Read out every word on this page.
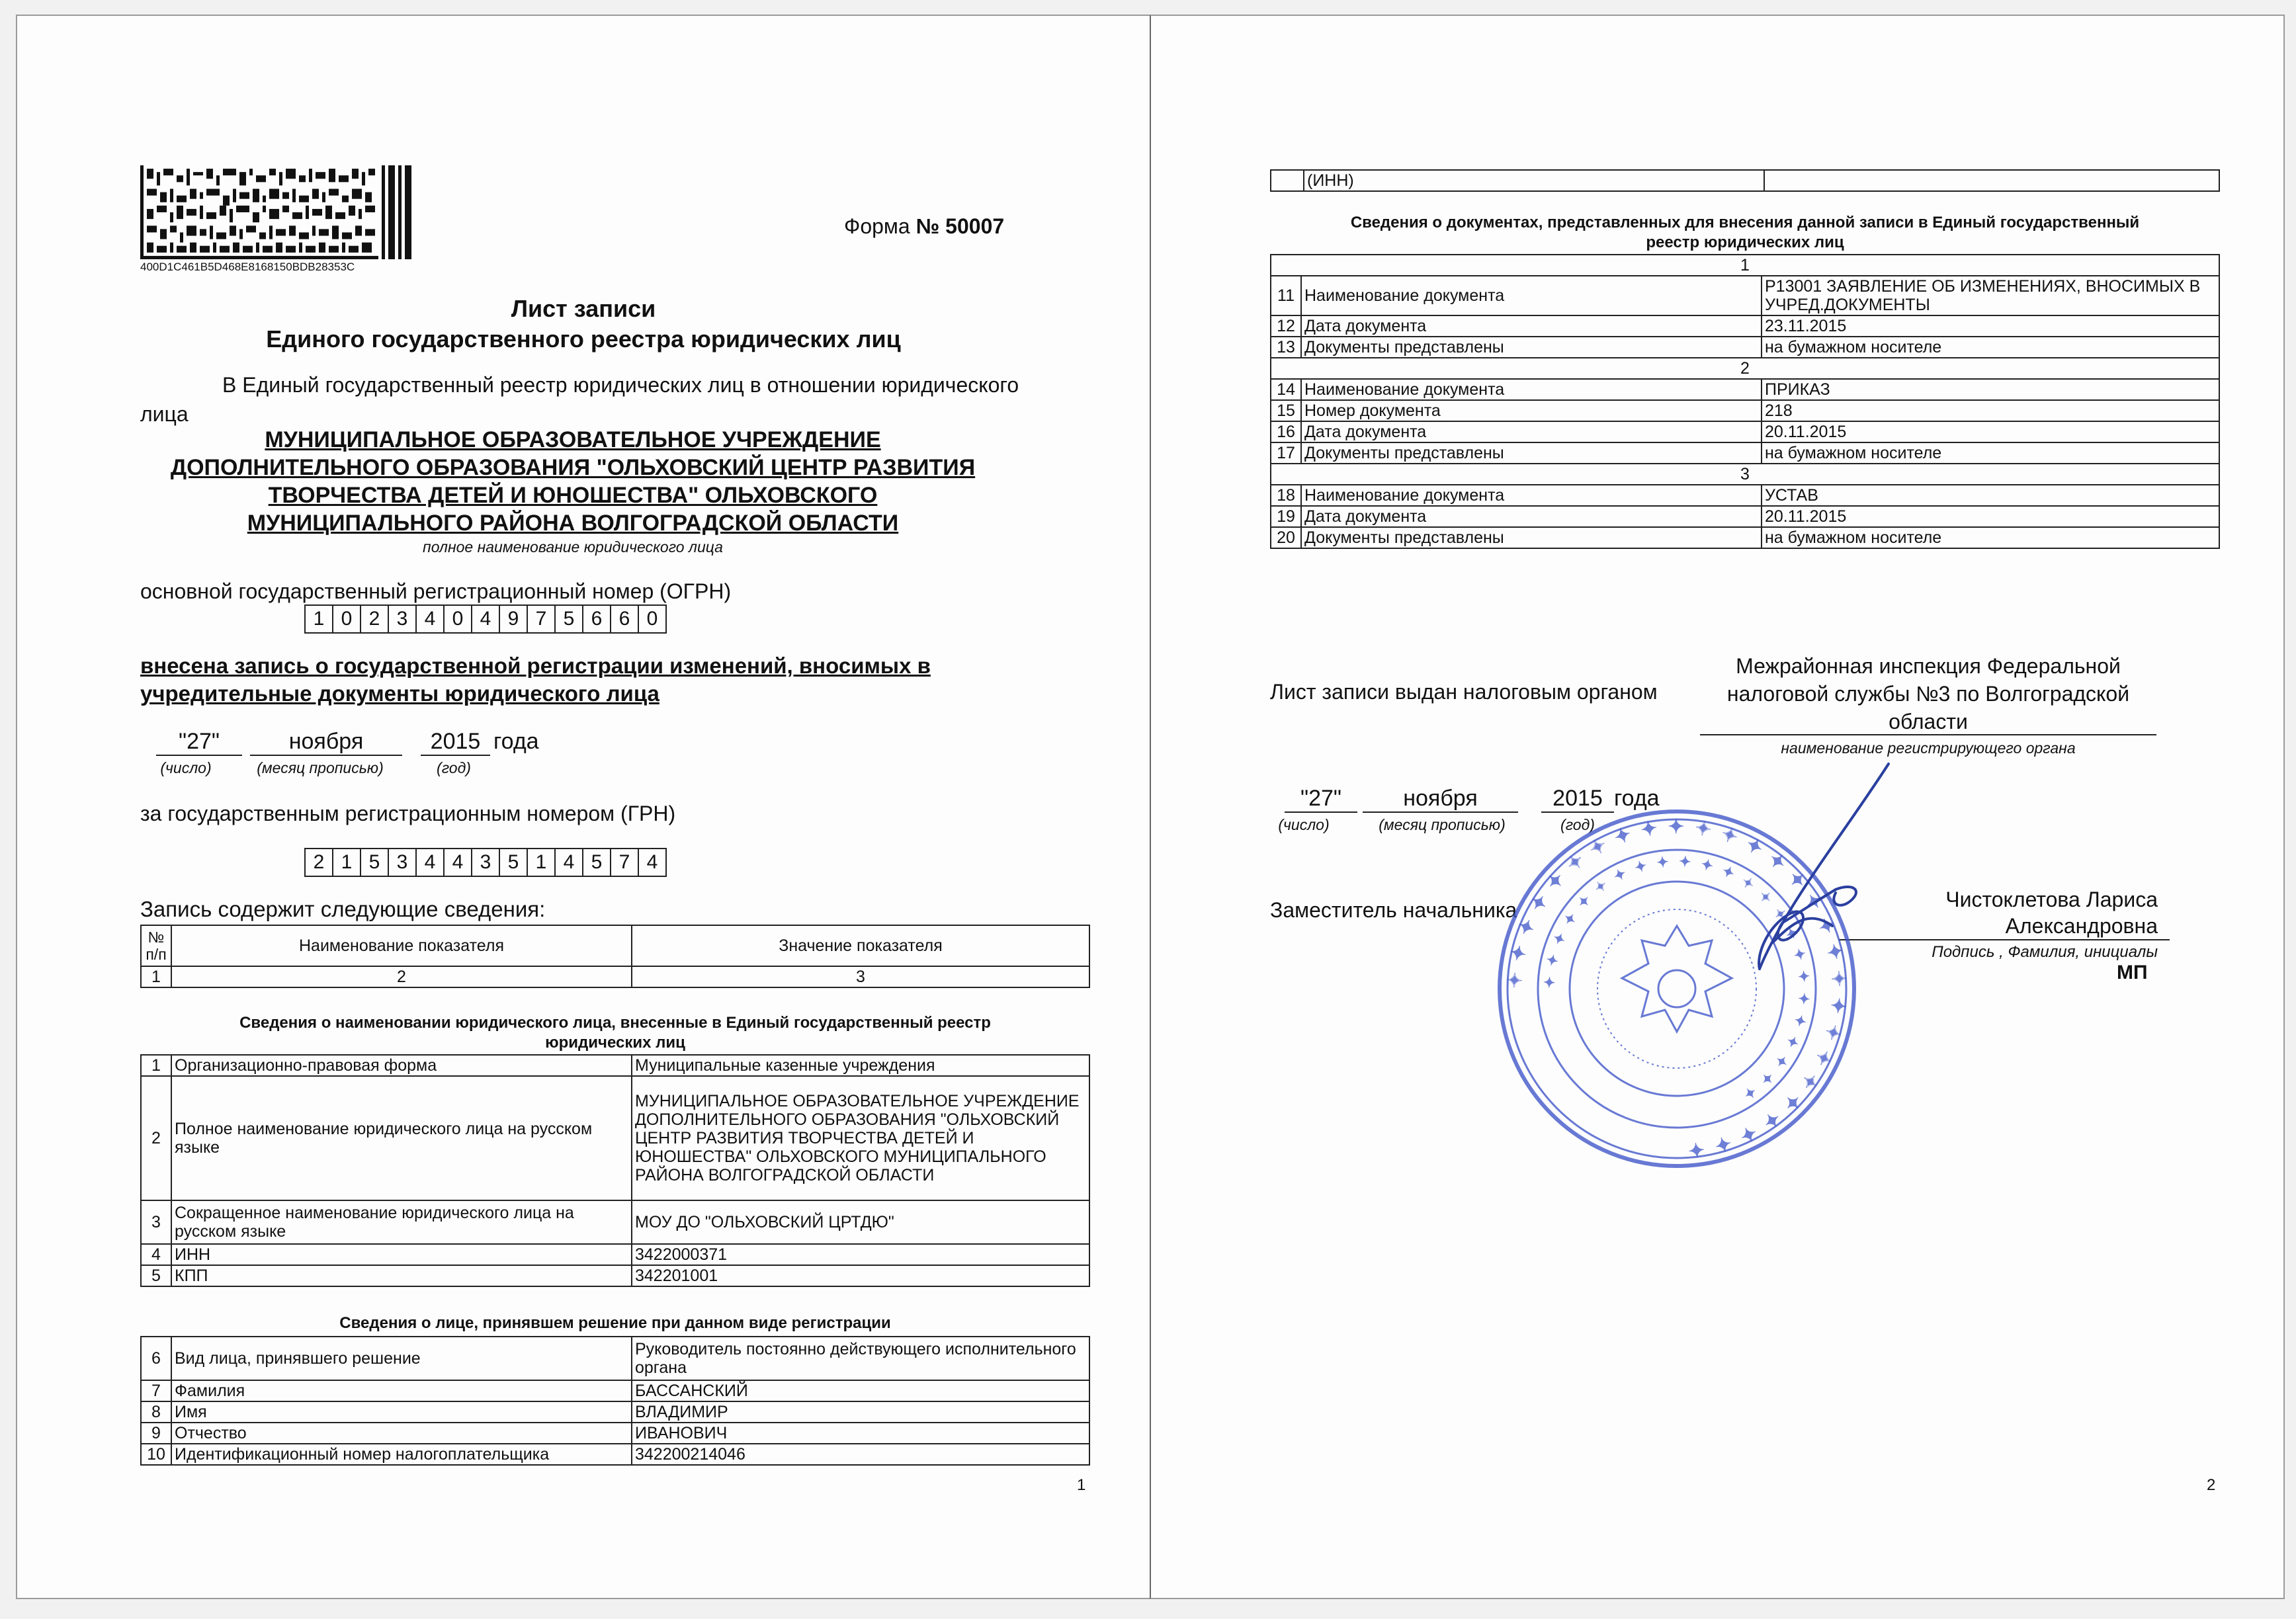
400D1C461B5D468E8168150BDB28353C
Форма № 50007
Лист записи
Единого государственного реестра юридических лиц
В Единый государственный реестр юридических лиц в отношении юридического
лица
МУНИЦИПАЛЬНОЕ ОБРАЗОВАТЕЛЬНОЕ УЧРЕЖДЕНИЕ
ДОПОЛНИТЕЛЬНОГО ОБРАЗОВАНИЯ "ОЛЬХОВСКИЙ ЦЕНТР РАЗВИТИЯ
ТВОРЧЕСТВА ДЕТЕЙ И ЮНОШЕСТВА" ОЛЬХОВСКОГО
МУНИЦИПАЛЬНОГО РАЙОНА ВОЛГОГРАДСКОЙ ОБЛАСТИ
полное наименование юридического лица
основной государственный регистрационный номер (ОГРН)
1 0 2 3 4 0 4 9 7 5 6 6 0
внесена запись о государственной регистрации изменений, вносимых в
учредительные документы юридического лица
"27"	ноября	2015 года
(число)	(месяц прописью)	(год)
за государственным регистрационным номером (ГРН)
2 1 5 3 4 4 3 5 1 4 5 7 4
Запись содержит следующие сведения:
№ п/п	Наименование показателя	Значение показателя
1	2	3
Сведения о наименовании юридического лица, внесенные в Единый государственный реестр
юридических лиц
1	Организационно-правовая форма	Муниципальные казенные учреждения
2	Полное наименование юридического лица на русском языке	МУНИЦИПАЛЬНОЕ ОБРАЗОВАТЕЛЬНОЕ УЧРЕЖДЕНИЕ ДОПОЛНИТЕЛЬНОГО ОБРАЗОВАНИЯ "ОЛЬХОВСКИЙ ЦЕНТР РАЗВИТИЯ ТВОРЧЕСТВА ДЕТЕЙ И ЮНОШЕСТВА" ОЛЬХОВСКОГО МУНИЦИПАЛЬНОГО РАЙОНА ВОЛГОГРАДСКОЙ ОБЛАСТИ
3	Сокращенное наименование юридического лица на русском языке	МОУ ДО "ОЛЬХОВСКИЙ ЦРТДЮ"
4	ИНН	3422000371
5	КПП	342201001
Сведения о лице, принявшем решение при данном виде регистрации
6	Вид лица, принявшего решение	Руководитель постоянно действующего исполнительного органа
7	Фамилия	БАССАНСКИЙ
8	Имя	ВЛАДИМИР
9	Отчество	ИВАНОВИЧ
10	Идентификационный номер налогоплательщика	342200214046
1
	(ИНН)	
Сведения о документах, представленных для внесения данной записи в Единый государственный
реестр юридических лиц
1		
11	Наименование документа	Р13001 ЗАЯВЛЕНИЕ ОБ ИЗМЕНЕНИЯХ, ВНОСИМЫХ В УЧРЕД.ДОКУМЕНТЫ
12	Дата документа	23.11.2015
13	Документы представлены	на бумажном носителе
2		
14	Наименование документа	ПРИКАЗ
15	Номер документа	218
16	Дата документа	20.11.2015
17	Документы представлены	на бумажном носителе
3		
18	Наименование документа	УСТАВ
19	Дата документа	20.11.2015
20	Документы представлены	на бумажном носителе
Лист записи выдан налоговым органом
Межрайонная инспекция Федеральной
налоговой службы №3 по Волгоградской
области
наименование регистрирующего органа
"27"	ноября	2015 года
(число)	(месяц прописью)	(год)
Заместитель начальника	Чистоклетова Лариса
Александровна
Подпись , Фамилия, инициалы
МП
2
✦ ✦ ✦ ✦ ✦ ✦ ✦ ✦ ✦ ✦ ✦ ✦ ✦ ✦ ✦ ✦ ✦ ✦ ✦ ✦ ✦ ✦ ✦ ✦ ✦ ✦ ✦ ✦
✦ ✦ ✦ ✦ ✦ ✦ ✦ ✦ ✦ ✦ ✦ ✦ ✦ ✦ ✦ ✦ ✦ ✦ ✦ ✦ ✦ ✦ ✦ ✦
